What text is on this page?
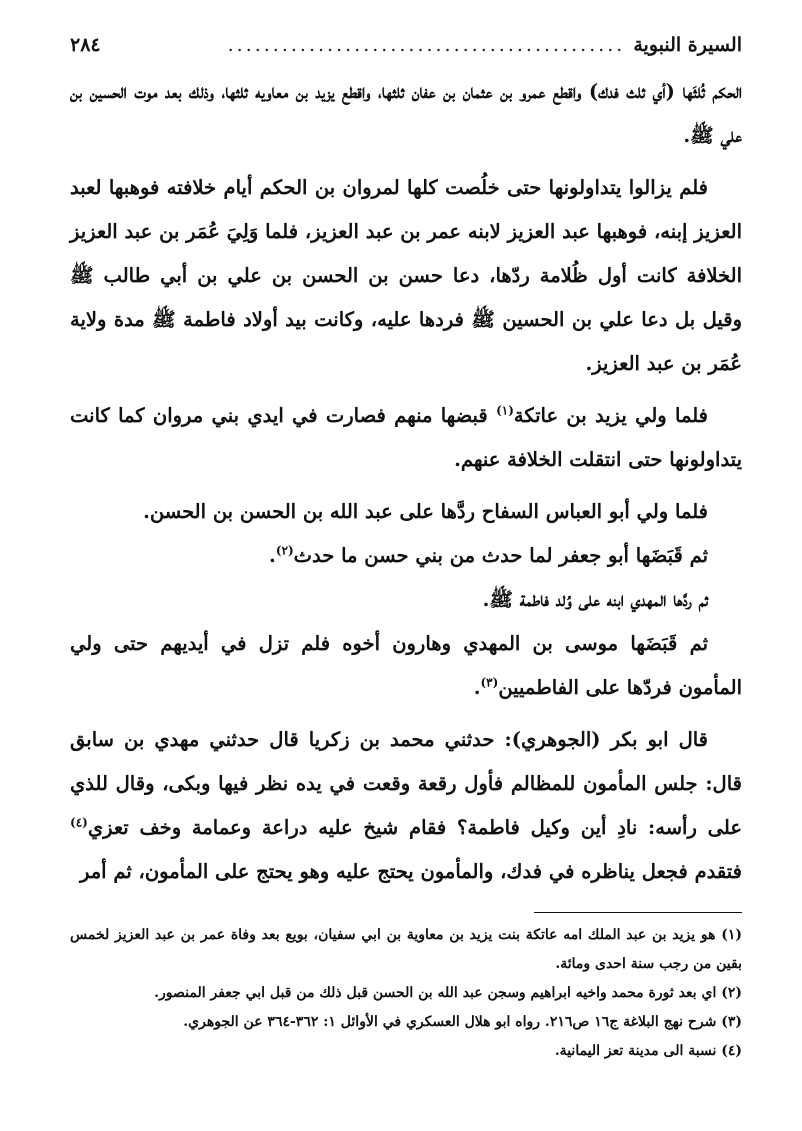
السيرة النبوية
............................................
٢٨٤

الحكم ثُلثَها (أي ثلث فدك) واقطع عمرو بن عثمان بن عفان ثلثها، واقطع يزيد بن معاويه ثلثها، وذلك بعد موت الحسين بن علي ﷺ.

فلم يزالوا يتداولونها حتى خلُصت كلها لمروان بن الحكم أيام خلافته فوهبها لعبد العزيز إبنه، فوهبها عبد العزيز لابنه عمر بن عبد العزيز، فلما وَلِيَ عُمَر بن عبد العزيز الخلافة كانت أول ظُلامة ردّها، دعا حسن بن الحسن بن علي بن أبي طالب ﷺ وقيل بل دعا علي بن الحسين ﷺ فردها عليه، وكانت بيد أولاد فاطمة ﷺ مدة ولاية عُمَر بن عبد العزيز.

فلما ولي يزيد بن عاتكة$^{(١)}$ قبضها منهم فصارت في ايدي بني مروان كما كانت يتداولونها حتى انتقلت الخلافة عنهم.

فلما ولي أبو العباس السفاح ردَّها على عبد الله بن الحسن بن الحسن.

ثم قَبَضَها أبو جعفر لما حدث من بني حسن ما حدث$^{(٢)}$.

ثم ردَّها المهدي ابنه على وُلد فاطمة ﷺ.

ثم قَبَضَها موسى بن المهدي وهارون أخوه فلم تزل في أيديهم حتى ولي المأمون فردّها على الفاطميين$^{(٣)}$.

قال ابو بكر (الجوهري): حدثني محمد بن زكريا قال حدثني مهدي بن سابق قال: جلس المأمون للمظالم فأول رقعة وقعت في يده نظر فيها وبكى، وقال للذي على رأسه: نادِ أين وكيل فاطمة؟ فقام شيخ عليه دراعة وعمامة وخف تعزي$^{(٤)}$ فتقدم فجعل يناظره في فدك، والمأمون يحتج عليه وهو يحتج على المأمون، ثم أمر

(١) هو يزيد بن عبد الملك امه عاتكة بنت يزيد بن معاوية بن ابي سفيان، بويع بعد وفاة عمر بن عبد العزيز لخمس بقين من رجب سنة احدى ومائة.

(٢) اي بعد ثورة محمد واخيه ابراهيم وسجن عبد الله بن الحسن قبل ذلك من قبل ابي جعفر المنصور.

(٣) شرح نهج البلاغة ج١٦ ص٢١٦. رواه ابو هلال العسكري في الأوائل ١: ٣٦٢-٣٦٤ عن الجوهري.

(٤) نسبة الى مدينة تعز اليمانية.
